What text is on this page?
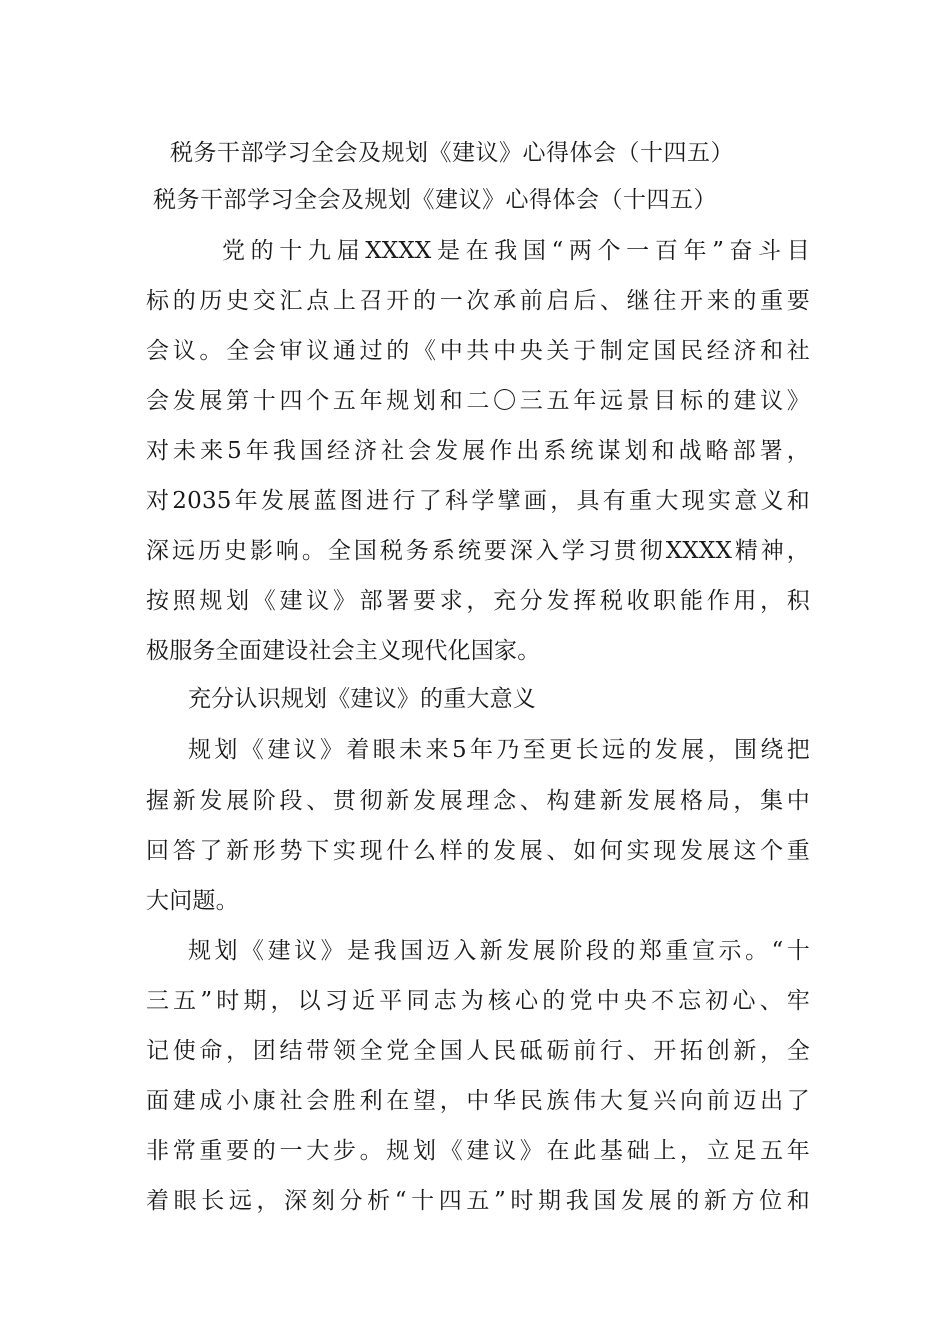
税务干部学习全会及规划《建议》心得体会（十四五）
税务干部学习全会及规划《建议》心得体会（十四五）
党的十九届XXXX是在我国“两个一百年”奋斗目
标的历史交汇点上召开的一次承前启后、继往开来的重要
会议。全会审议通过的《中共中央关于制定国民经济和社
会发展第十四个五年规划和二〇三五年远景目标的建议》
对未来5年我国经济社会发展作出系统谋划和战略部署，
对2035年发展蓝图进行了科学擘画，具有重大现实意义和
深远历史影响。全国税务系统要深入学习贯彻XXXX精神，
按照规划《建议》部署要求，充分发挥税收职能作用，积
极服务全面建设社会主义现代化国家。
充分认识规划《建议》的重大意义
规划《建议》着眼未来5年乃至更长远的发展，围绕把
握新发展阶段、贯彻新发展理念、构建新发展格局，集中
回答了新形势下实现什么样的发展、如何实现发展这个重
大问题。
规划《建议》是我国迈入新发展阶段的郑重宣示。“十
三五”时期，以习近平同志为核心的党中央不忘初心、牢
记使命，团结带领全党全国人民砥砺前行、开拓创新，全
面建成小康社会胜利在望，中华民族伟大复兴向前迈出了
非常重要的一大步。规划《建议》在此基础上，立足五年
着眼长远，深刻分析“十四五”时期我国发展的新方位和
